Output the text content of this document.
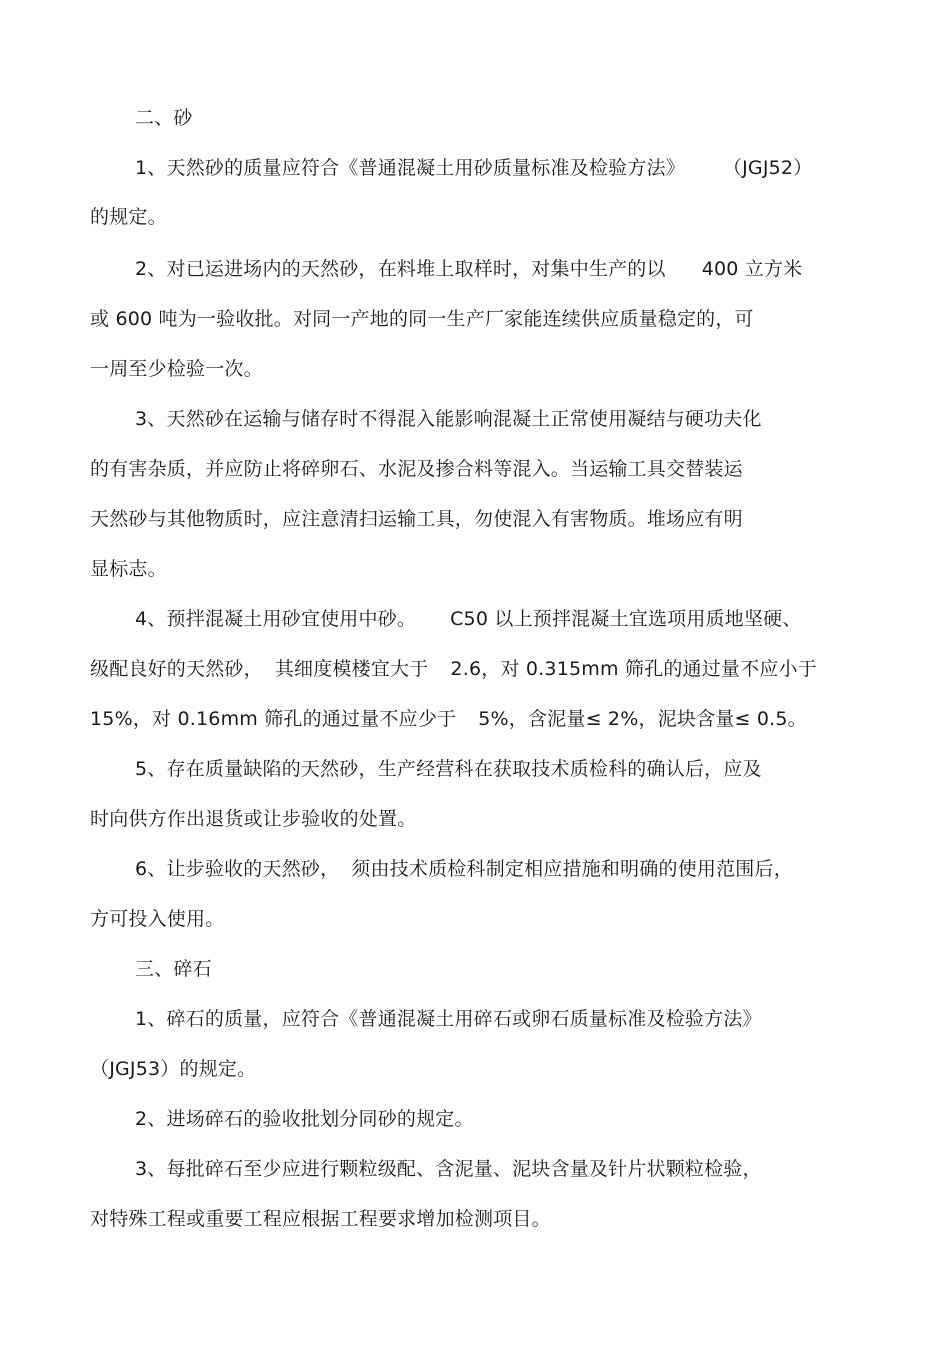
二、砂
1、天然砂的质量应符合《普通混凝土用砂质量标准及检验方法》 （JGJ52）
的规定。
2、对已运进场内的天然砂，在料堆上取样时，对集中生产的以 400 立方米
或 600 吨为一验收批。对同一产地的同一生产厂家能连续供应质量稳定的，可
一周至少检验一次。
3、天然砂在运输与储存时不得混入能影响混凝土正常使用凝结与硬功夫化
的有害杂质，并应防止将碎卵石、水泥及掺合料等混入。当运输工具交替装运
天然砂与其他物质时，应注意清扫运输工具，勿使混入有害物质。堆场应有明
显标志。
4、预拌混凝土用砂宜使用中砂。 C50 以上预拌混凝土宜选项用质地坚硬、
级配良好的天然砂， 其细度模楼宜大于 2.6，对 0.315mm 筛孔的通过量不应小于
15%，对 0.16mm 筛孔的通过量不应少于 5%，含泥量≤ 2%，泥块含量≤ 0.5。
5、存在质量缺陷的天然砂，生产经营科在获取技术质检科的确认后，应及
时向供方作出退货或让步验收的处置。
6、让步验收的天然砂， 须由技术质检科制定相应措施和明确的使用范围后，
方可投入使用。
三、碎石
1、碎石的质量，应符合《普通混凝土用碎石或卵石质量标准及检验方法》
（JGJ53）的规定。
2、进场碎石的验收批划分同砂的规定。
3、每批碎石至少应进行颗粒级配、含泥量、泥块含量及针片状颗粒检验，
对特殊工程或重要工程应根据工程要求增加检测项目。
